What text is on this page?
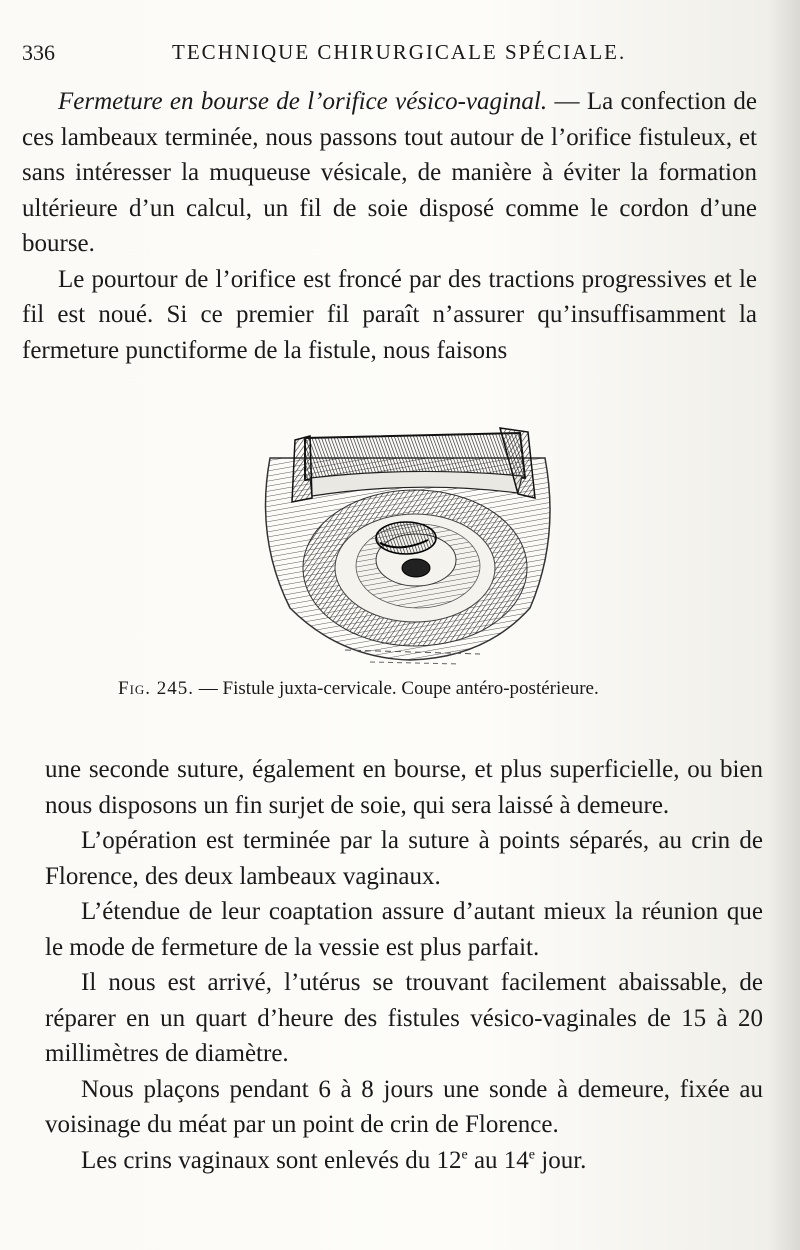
336	TECHNIQUE CHIRURGICALE SPÉCIALE.

Fermeture en bourse de l’orifice vésico-vaginal. — La confection de ces lambeaux terminée, nous passons tout autour de l’orifice fistuleux, et sans intéresser la muqueuse vésicale, de manière à éviter la formation ultérieure d’un calcul, un fil de soie disposé comme le cordon d’une bourse.

Le pourtour de l’orifice est froncé par des tractions progressives et le fil est noué. Si ce premier fil paraît n’assurer qu’insuffisamment la fermeture punctiforme de la fistule, nous faisons

Fig. 245. — Fistule juxta-cervicale. Coupe antéro-postérieure.

une seconde suture, également en bourse, et plus superficielle, ou bien nous disposons un fin surjet de soie, qui sera laissé à demeure.

L’opération est terminée par la suture à points séparés, au crin de Florence, des deux lambeaux vaginaux.

L’étendue de leur coaptation assure d’autant mieux la réunion que le mode de fermeture de la vessie est plus parfait.

Il nous est arrivé, l’utérus se trouvant facilement abaissable, de réparer en un quart d’heure des fistules vésico-vaginales de 15 à 20 millimètres de diamètre.

Nous plaçons pendant 6 à 8 jours une sonde à demeure, fixée au voisinage du méat par un point de crin de Florence.

Les crins vaginaux sont enlevés du 12e au 14e jour.
